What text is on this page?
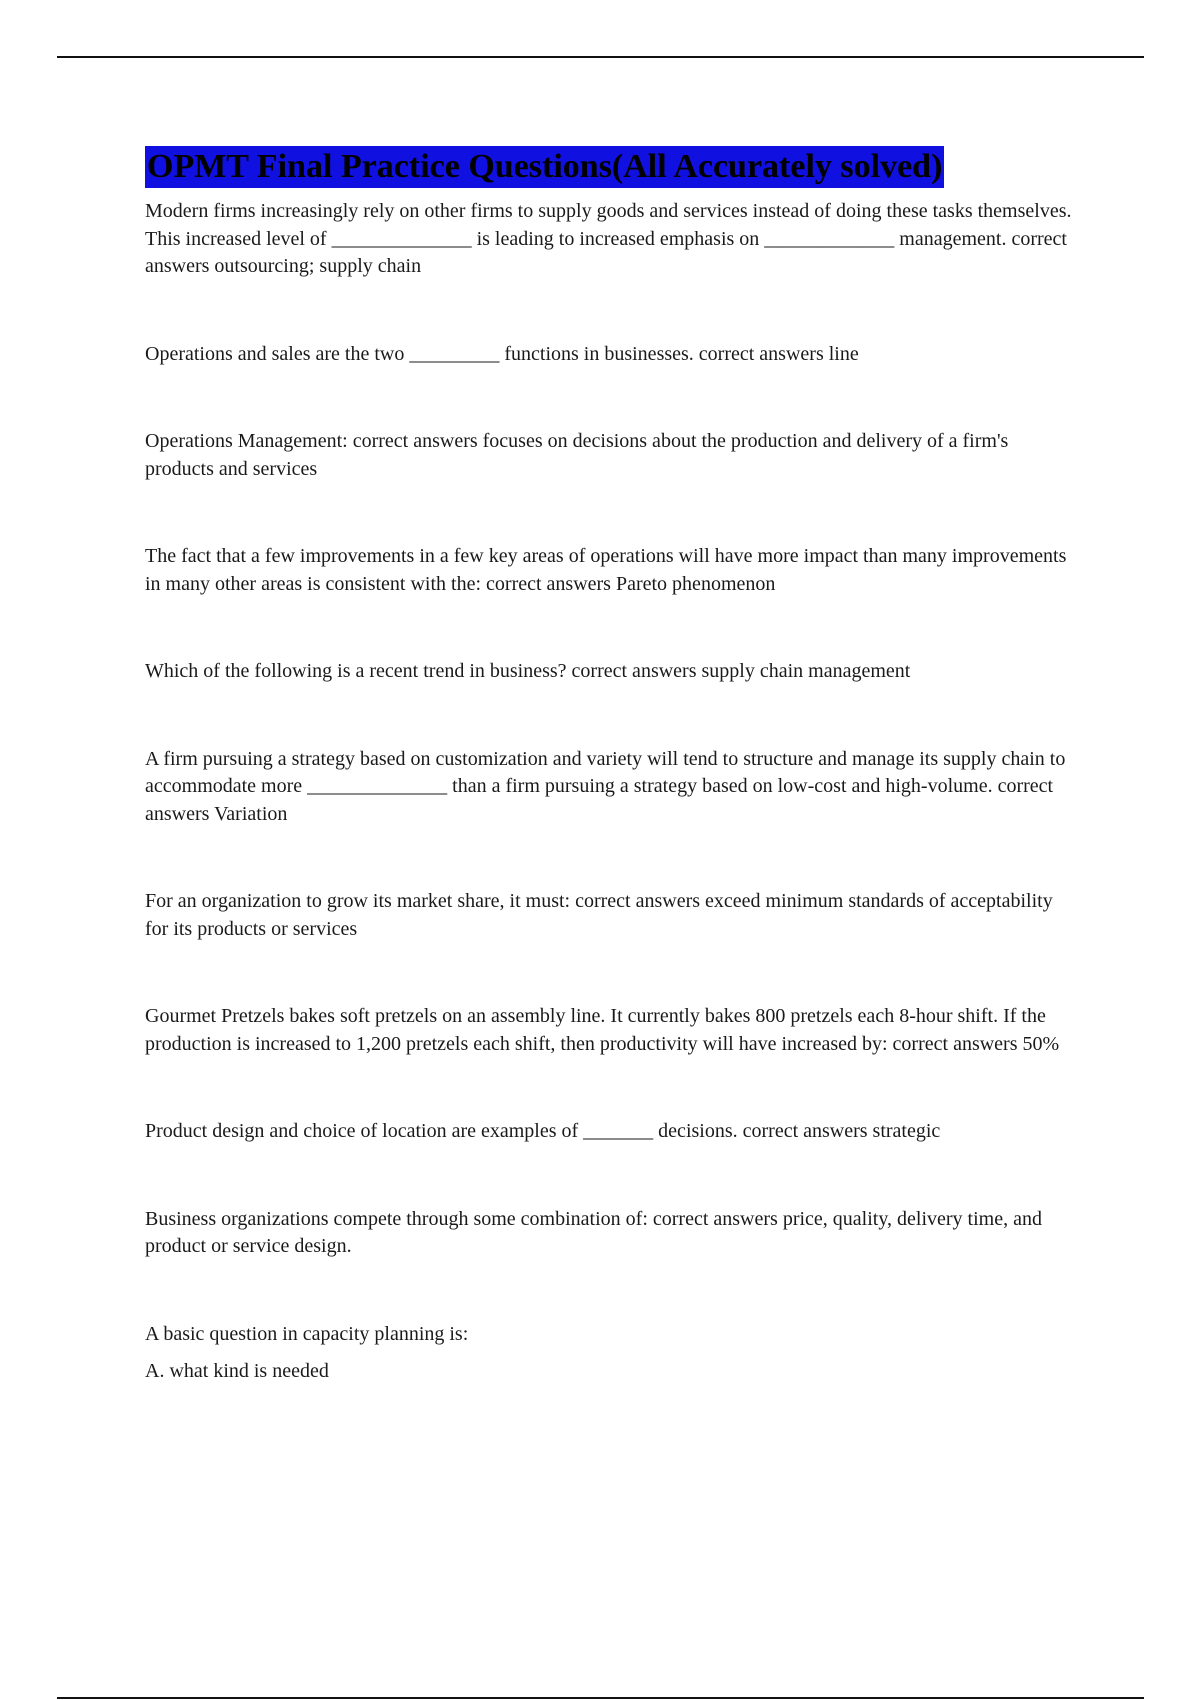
OPMT Final Practice Questions(All Accurately solved)

Modern firms increasingly rely on other firms to supply goods and services instead of doing these tasks themselves. This increased level of ______________ is leading to increased emphasis on _____________ management. correct answers outsourcing; supply chain

Operations and sales are the two _________ functions in businesses. correct answers line

Operations Management: correct answers focuses on decisions about the production and delivery of a firm's products and services

The fact that a few improvements in a few key areas of operations will have more impact than many improvements in many other areas is consistent with the: correct answers Pareto phenomenon

Which of the following is a recent trend in business? correct answers supply chain management

A firm pursuing a strategy based on customization and variety will tend to structure and manage its supply chain to accommodate more ______________ than a firm pursuing a strategy based on low-cost and high-volume. correct answers Variation

For an organization to grow its market share, it must: correct answers exceed minimum standards of acceptability for its products or services

Gourmet Pretzels bakes soft pretzels on an assembly line. It currently bakes 800 pretzels each 8-hour shift. If the production is increased to 1,200 pretzels each shift, then productivity will have increased by: correct answers 50%

Product design and choice of location are examples of _______ decisions. correct answers strategic

Business organizations compete through some combination of: correct answers price, quality, delivery time, and product or service design.

A basic question in capacity planning is:

A. what kind is needed
